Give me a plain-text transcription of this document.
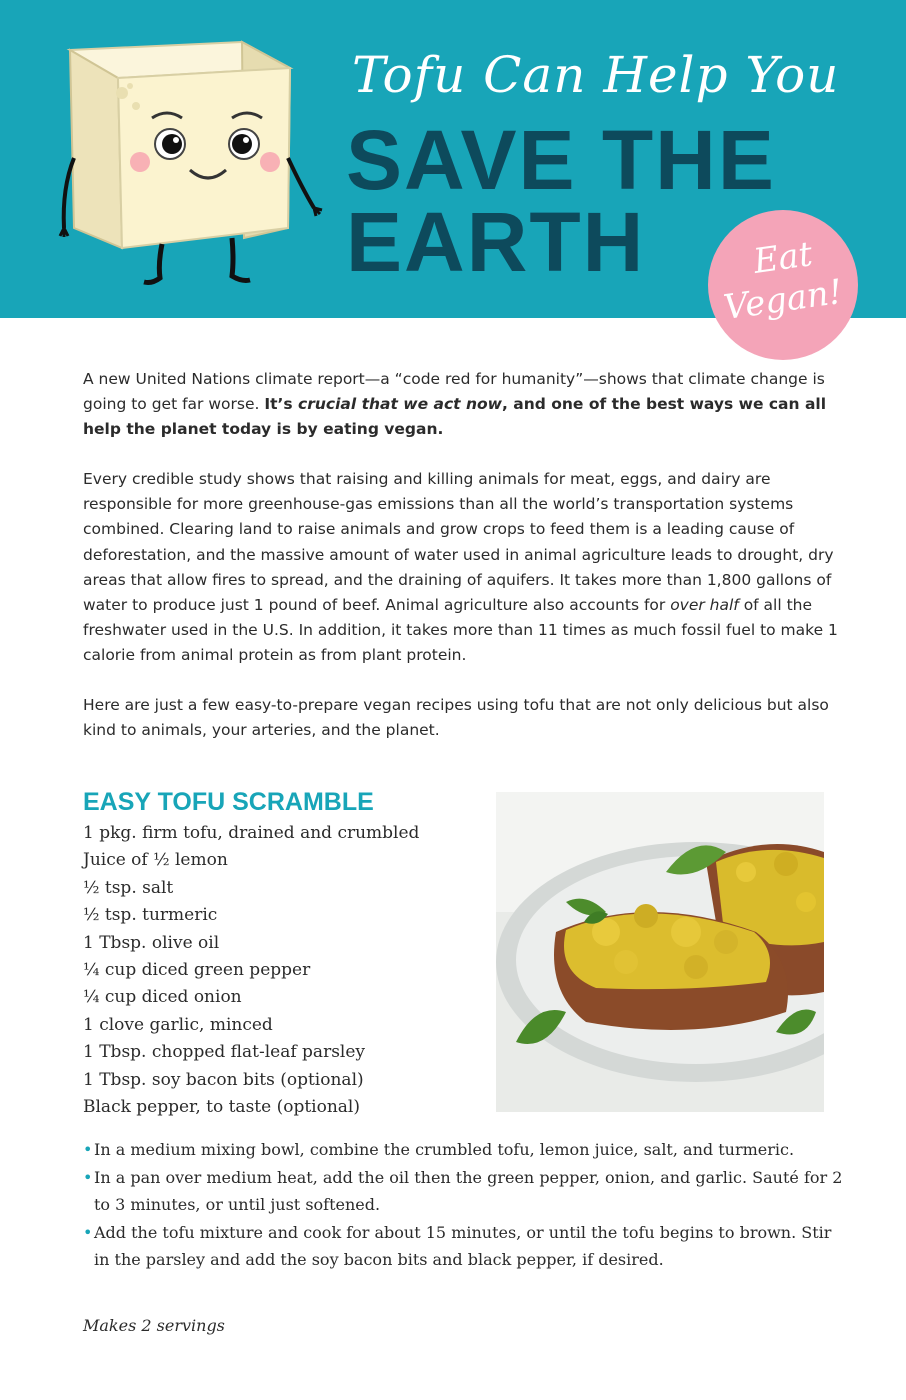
Tofu Can Help You
SAVE THE
EARTH	Eat
Vegan!

A new United Nations climate report—a “code red for humanity”—shows that climate change is going to get far worse. It’s crucial that we act now, and one of the best ways we can all help the planet today is by eating vegan.

Every credible study shows that raising and killing animals for meat, eggs, and dairy are responsible for more greenhouse-gas emissions than all the world’s transportation systems combined. Clearing land to raise animals and grow crops to feed them is a leading cause of deforestation, and the massive amount of water used in animal agriculture leads to drought, dry areas that allow fires to spread, and the draining of aquifers. It takes more than 1,800 gallons of water to produce just 1 pound of beef. Animal agriculture also accounts for over half of all the freshwater used in the U.S. In addition, it takes more than 11 times as much fossil fuel to make 1 calorie from animal protein as from plant protein.

Here are just a few easy-to-prepare vegan recipes using tofu that are not only delicious but also kind to animals, your arteries, and the planet.

EASY TOFU SCRAMBLE
1 pkg. firm tofu, drained and crumbled
Juice of ½ lemon
½ tsp. salt
½ tsp. turmeric
1 Tbsp. olive oil
¼ cup diced green pepper
¼ cup diced onion
1 clove garlic, minced
1 Tbsp. chopped flat-leaf parsley
1 Tbsp. soy bacon bits (optional)
Black pepper, to taste (optional)
• In a medium mixing bowl, combine the crumbled tofu, lemon juice, salt, and turmeric.
• In a pan over medium heat, add the oil then the green pepper, onion, and garlic. Sauté for 2 to 3 minutes, or until just softened.
• Add the tofu mixture and cook for about 15 minutes, or until the tofu begins to brown. Stir in the parsley and add the soy bacon bits and black pepper, if desired.
Makes 2 servings
